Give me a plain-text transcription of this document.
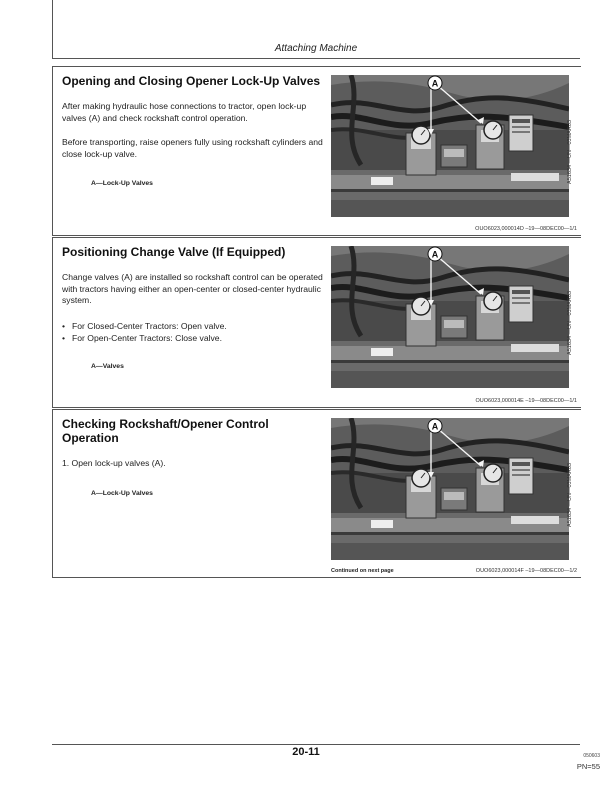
Attaching Machine
Opening and Closing Opener Lock-Up Valves
After making hydraulic hose connections to tractor, open lock-up valves (A) and check rockshaft control operation.
Before transporting, raise openers fully using rockshaft cylinders and close lock-up valve.
A—Lock-Up Valves
A
A51634 —UN—03MAR03
OUO6023,000014D –19—08DEC00—1/1
Positioning Change Valve (If Equipped)
Change valves (A) are installed so rockshaft control can be operated with tractors having either an open-center or closed-center hydraulic system.
• For Closed-Center Tractors: Open valve.
• For Open-Center Tractors: Close valve.
A—Valves
A
A51634 —UN—03MAR03
OUO6023,000014E –19—08DEC00—1/1
Checking Rockshaft/Opener Control Operation
1. Open lock-up valves (A).
A—Lock-Up Valves
A
A51634 —UN—03MAR03
Continued on next page	OUO6023,000014F –19—08DEC00—1/2
20-11	050603
PN=55
